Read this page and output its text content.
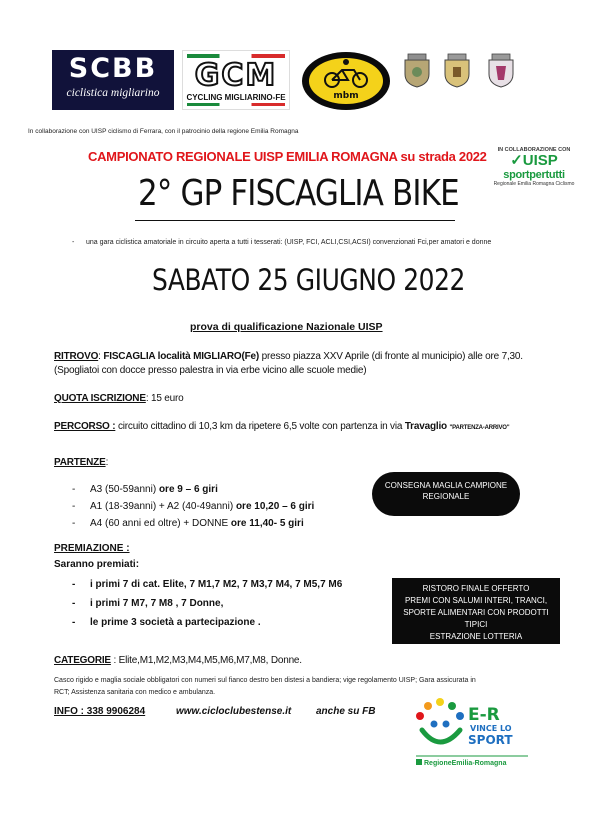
SCBB
ciclistica migliarino	GCM
CYCLING MIGLIARINO-FE	mbm
In collaborazione con UISP ciclismo di Ferrara, con il patrocinio della regione Emilia Romagna
CAMPIONATO REGIONALE UISP EMILIA ROMAGNA su strada 2022	IN COLLABORAZIONE CON
✓UISP
sportpertutti
Regionale Emilia Romagna Ciclismo
2° GP FISCAGLIA BIKE
-      una gara ciclistica amatoriale in circuito aperta a tutti i tesserati: (UISP, FCI, ACLI,CSI,ACSI) convenzionati Fci,per amatori e donne
SABATO 25 GIUGNO 2022
prova di qualificazione Nazionale UISP
RITROVO: FISCAGLIA località MIGLIARO(Fe) presso piazza XXV Aprile (di fronte al municipio) alle ore 7,30.
(Spogliatoi con docce presso palestra in via erbe vicino alle scuole medie)
QUOTA ISCRIZIONE: 15 euro
PERCORSO : circuito cittadino di 10,3 km da ripetere 6,5 volte con partenza in via Travaglio "PARTENZA-ARRIVO"
PARTENZE:
- A3 (50-59anni) ore 9 – 6 giri
- A1 (18-39anni) + A2 (40-49anni) ore 10,20 – 6 giri
- A4 (60 anni ed oltre) + DONNE ore 11,40- 5 giri
CONSEGNA MAGLIA CAMPIONE
REGIONALE
PREMIAZIONE :
Saranno premiati:
- i primi 7 di cat. Elite, 7 M1,7 M2, 7 M3,7 M4, 7 M5,7 M6
- i primi 7 M7, 7 M8 , 7 Donne,
- le prime 3 società a partecipazione .
RISTORO FINALE OFFERTO
PREMI CON SALUMI INTERI, TRANCI,
SPORTE ALIMENTARI CON PRODOTTI TIPICI
ESTRAZIONE LOTTERIA
CATEGORIE : Elite,M1,M2,M3,M4,M5,M6,M7,M8, Donne.
Casco rigido e maglia sociale obbligatori con numeri sul fianco destro ben distesi a bandiera; vige regolamento UISP; Gara assicurata in
RCT; Assistenza sanitaria con medico e ambulanza.
INFO : 338 9906284	www.cicloclubestense.it anche su FB	E-R
VINCE LO
SPORT
RegioneEmilia-Romagna
